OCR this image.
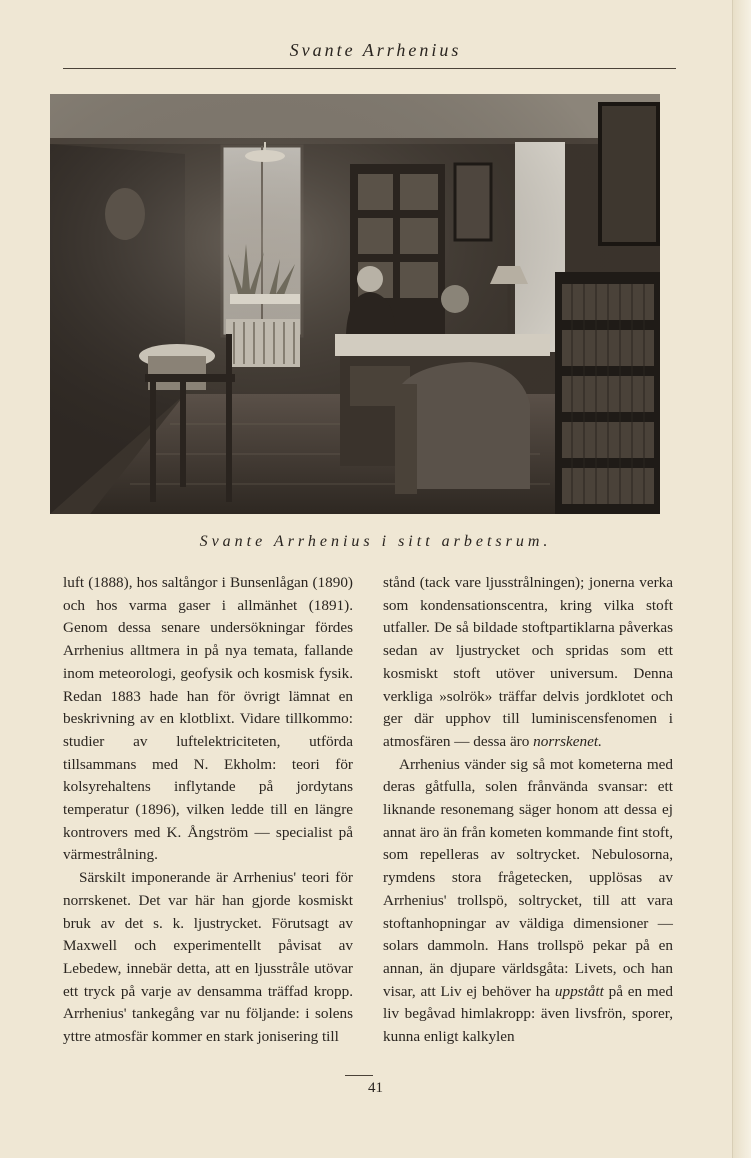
Svante Arrhenius
Svante Arrhenius i sitt arbetsrum.

luft (1888), hos saltångor i Bunsenlågan (1890) och hos varma gaser i allmänhet (1891). Genom dessa senare undersökningar fördes Arrhenius alltmera in på nya temata, fallande inom meteorologi, geofysik och kosmisk fysik. Redan 1883 hade han för övrigt lämnat en beskrivning av en klotblixt. Vidare tillkommo: studier av luftelektriciteten, utförda tillsammans med N. Ekholm: teori för kolsyrehaltens inflytande på jordytans temperatur (1896), vilken ledde till en längre kontrovers med K. Ångström — specialist på värmestrålning.

Särskilt imponerande är Arrhenius' teori för norrskenet. Det var här han gjorde kosmiskt bruk av det s. k. ljustrycket. Förutsagt av Maxwell och experimentellt påvisat av Lebedew, innebär detta, att en ljusstråle utövar ett tryck på varje av densamma träffad kropp. Arrhenius' tankegång var nu följande: i solens yttre atmosfär kommer en stark jonisering till

stånd (tack vare ljusstrålningen); jonerna verka som kondensationscentra, kring vilka stoft utfaller. De så bildade stoftpartiklarna påverkas sedan av ljustrycket och spridas som ett kosmiskt stoft utöver universum. Denna verkliga »solrök» träffar delvis jordklotet och ger där upphov till luminiscensfenomen i atmosfären — dessa äro norrskenet.

Arrhenius vänder sig så mot kometerna med deras gåtfulla, solen frånvända svansar: ett liknande resonemang säger honom att dessa ej annat äro än från kometen kommande fint stoft, som repelleras av soltrycket. Nebulosorna, rymdens stora frågetecken, upplösas av Arrhenius' trollspö, soltrycket, till att vara stoftanhopningar av väldiga dimensioner — solars dammoln. Hans trollspö pekar på en annan, än djupare världsgåta: Livets, och han visar, att Liv ej behöver ha uppstått på en med liv begåvad himlakropp: även livsfrön, sporer, kunna enligt kalkylen

41
